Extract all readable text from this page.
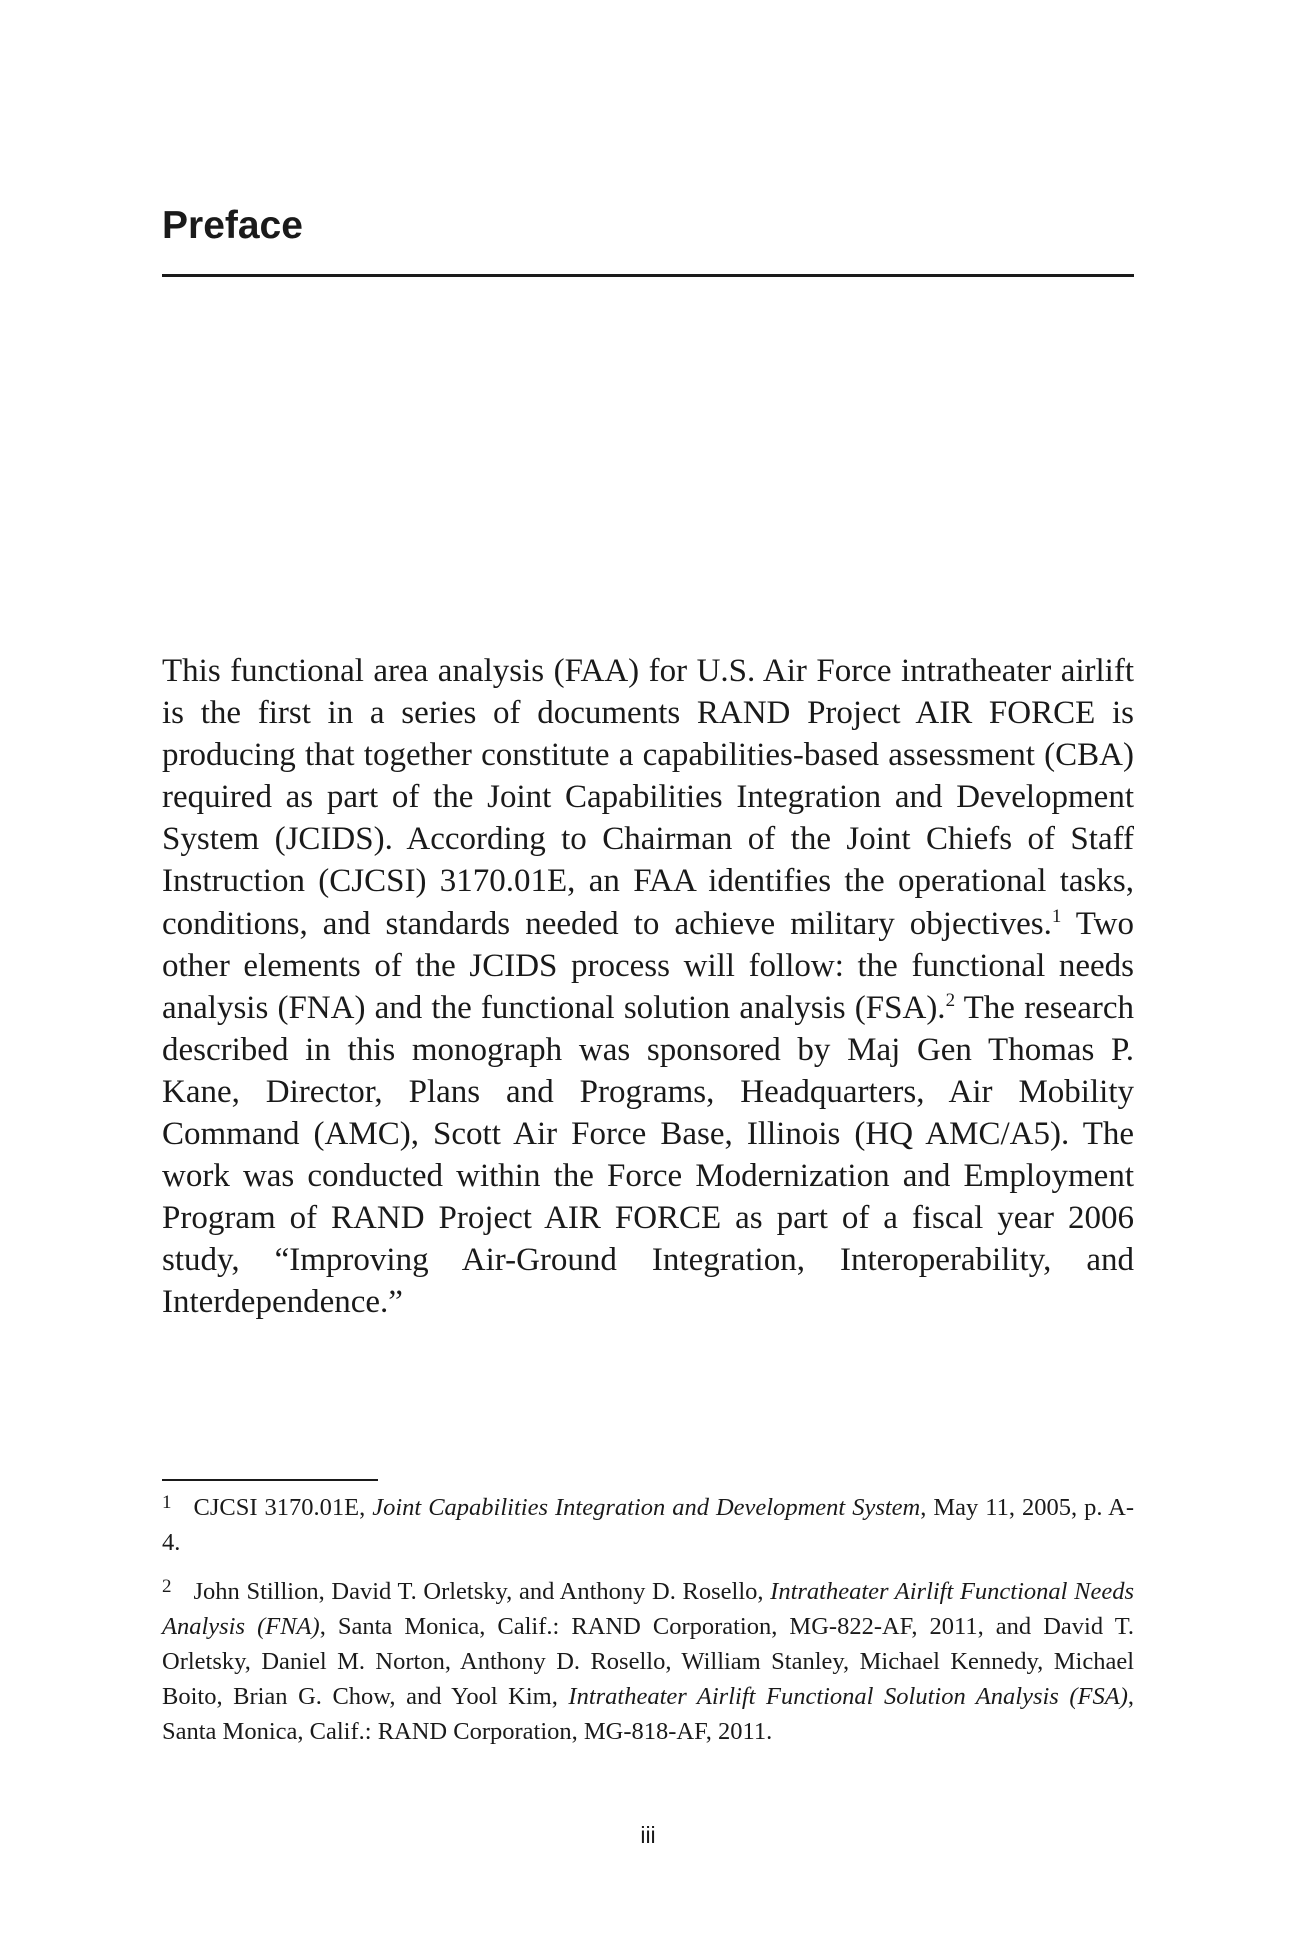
Preface

This functional area analysis (FAA) for U.S. Air Force intratheater airlift is the first in a series of documents RAND Project AIR FORCE is producing that together constitute a capabilities-based assessment (CBA) required as part of the Joint Capabilities Integration and Development System (JCIDS). According to Chairman of the Joint Chiefs of Staff Instruction (CJCSI) 3170.01E, an FAA identifies the operational tasks, conditions, and standards needed to achieve military objectives.$^1$ Two other elements of the JCIDS process will follow: the functional needs analysis (FNA) and the functional solution analysis (FSA).$^2$ The research described in this monograph was sponsored by Maj Gen Thomas P. Kane, Director, Plans and Programs, Headquarters, Air Mobility Command (AMC), Scott Air Force Base, Illinois (HQ AMC/A5). The work was conducted within the Force Modernization and Employment Program of RAND Project AIR FORCE as part of a fiscal year 2006 study, “Improving Air-Ground Integration, Interoperability, and Interdependence.”

$^1$ CJCSI 3170.01E, Joint Capabilities Integration and Development System, May 11, 2005, p. A-4.

$^2$ John Stillion, David T. Orletsky, and Anthony D. Rosello, Intratheater Airlift Functional Needs Analysis (FNA), Santa Monica, Calif.: RAND Corporation, MG-822-AF, 2011, and David T. Orletsky, Daniel M. Norton, Anthony D. Rosello, William Stanley, Michael Kennedy, Michael Boito, Brian G. Chow, and Yool Kim, Intratheater Airlift Functional Solution Analysis (FSA), Santa Monica, Calif.: RAND Corporation, MG-818-AF, 2011.

iii
